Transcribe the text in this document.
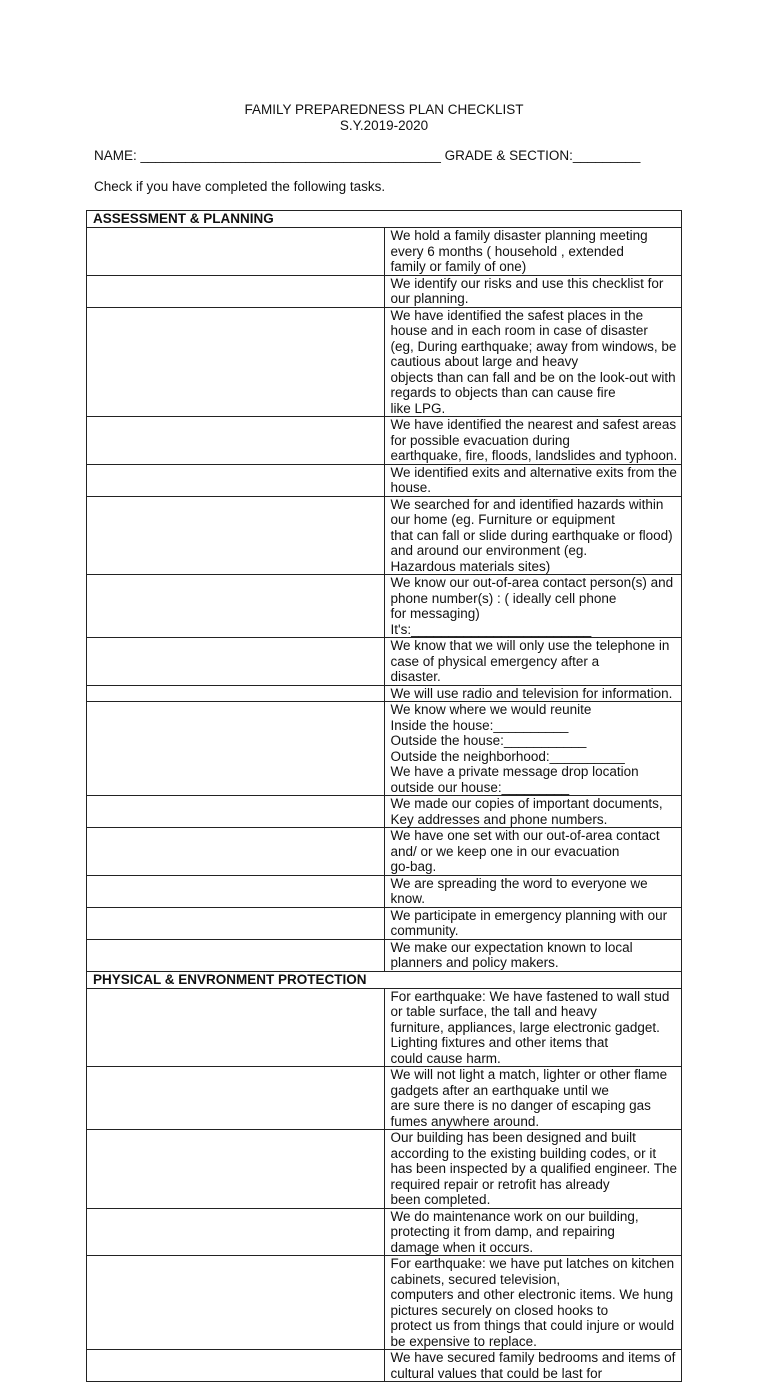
FAMILY PREPAREDNESS PLAN CHECKLIST
S.Y.2019-2020
NAME: ________________________________________ GRADE & SECTION:_________
Check if you have completed the following tasks.
ASSESSMENT & PLANNING	
	We hold a family disaster planning meeting every 6 months ( household , extended
family or family of one)
	We identify our risks and use this checklist for our planning.
	We have identified the safest places in the house and in each room in case of disaster
(eg, During earthquake; away from windows, be cautious about large and heavy
objects than can fall and be on the look-out with regards to objects than can cause fire
like LPG.
	We have identified the nearest and safest areas for possible evacuation during
earthquake, fire, floods, landslides and typhoon.
	We identified exits and alternative exits from the house.
	We searched for and identified hazards within our home (eg. Furniture or equipment
that can fall or slide during earthquake or flood) and around our environment (eg.
Hazardous materials sites)
	We know our out-of-area contact person(s) and phone number(s) : ( ideally cell phone
for messaging) It's:________________________
	We know that we will only use the telephone in case of physical emergency after a
disaster.
	We will use radio and television for information.
	We know where we would reunite
Inside the house:__________
Outside the house:___________
Outside the neighborhood:__________
We have a private message drop location outside our house:_________
	We made our copies of important documents, Key addresses and phone numbers.
	We have one set with our out-of-area contact and/ or we keep one in our evacuation
go-bag.
	We are spreading the word to everyone we know.
	We participate in emergency planning with our community.
	We make our expectation known to local planners and policy makers.
PHYSICAL & ENVRONMENT PROTECTION	
	For earthquake: We have fastened to wall stud or table surface, the tall and heavy
furniture, appliances, large electronic gadget. Lighting fixtures and other items that
could cause harm.
	We will not light a match, lighter or other flame gadgets after an earthquake until we
are sure there is no danger of escaping gas fumes anywhere around.
	Our building has been designed and built according to the existing building codes, or it
has been inspected by a qualified engineer. The required repair or retrofit has already
been completed.
	We do maintenance work on our building, protecting it from damp, and repairing
damage when it occurs.
	For earthquake: we have put latches on kitchen cabinets, secured television,
computers and other electronic items. We hung pictures securely on closed hooks to
protect us from things that could injure or would be expensive to replace.
	We have secured family bedrooms and items of cultural values that could be last for
